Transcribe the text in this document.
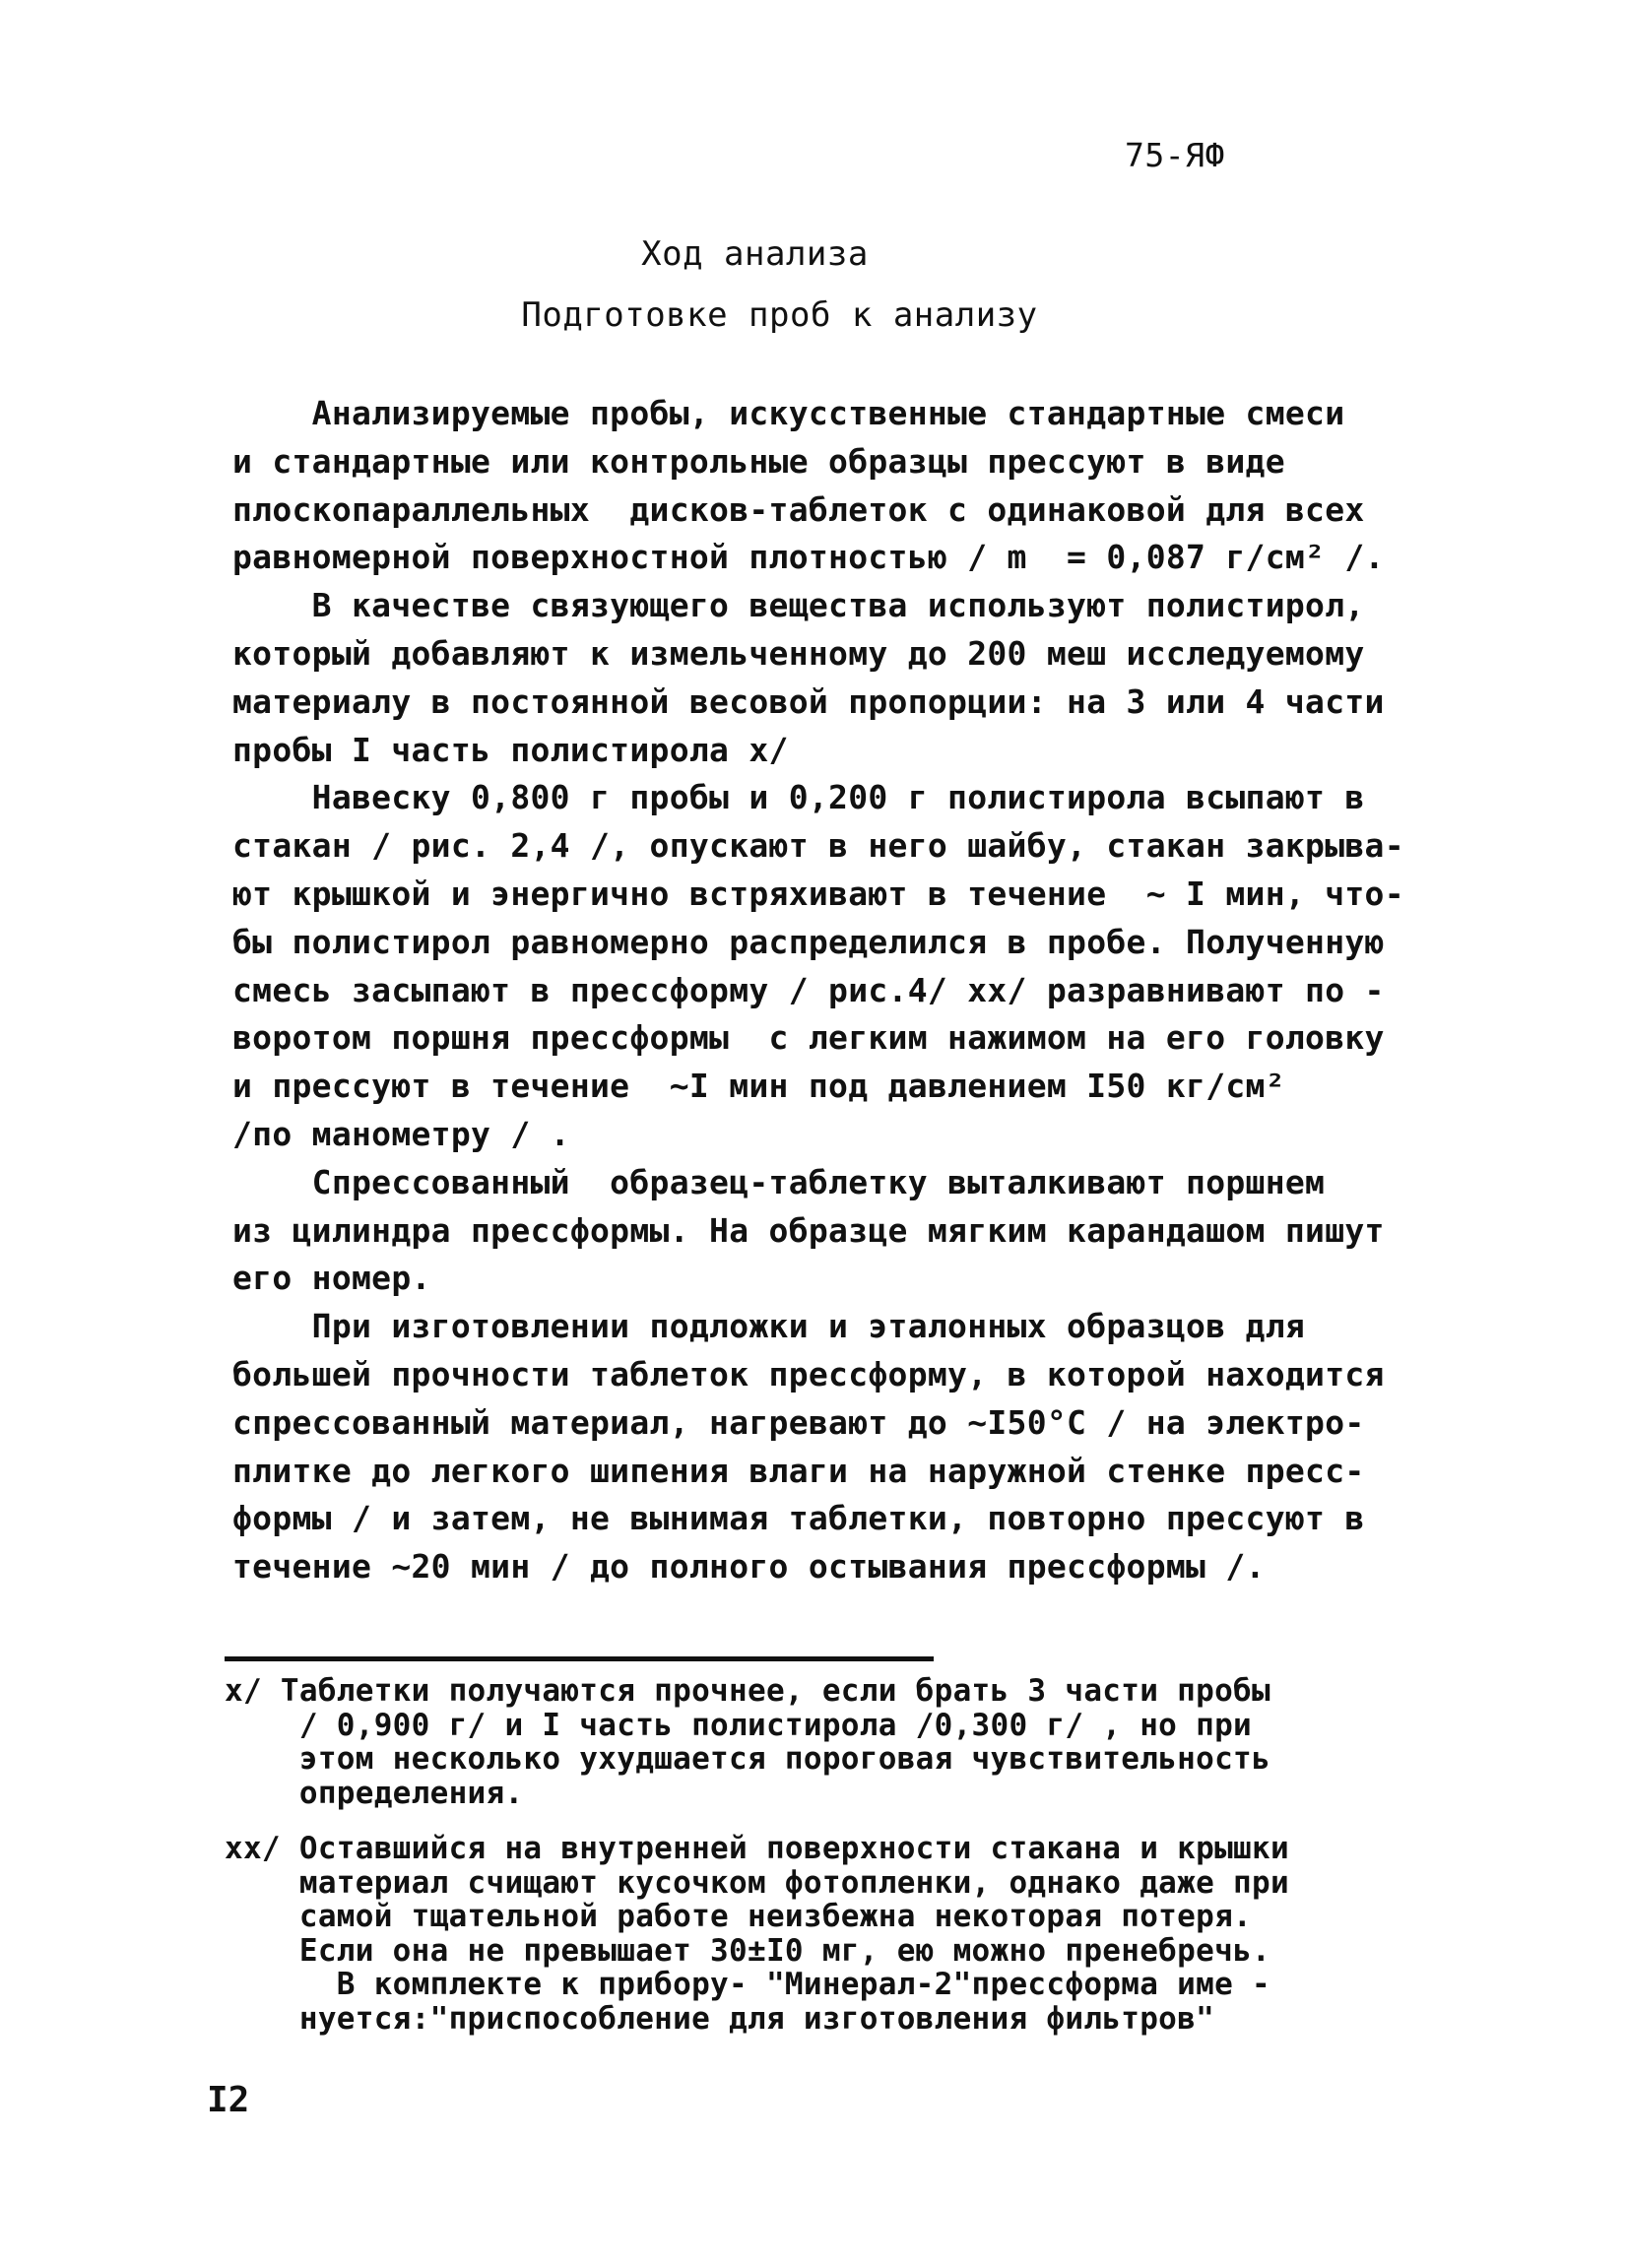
75-ЯФ
Ход анализа
Подготовке проб к анализу
Анализируемые пробы, искусственные стандартные смеси
и стандартные или контрольные образцы прессуют в виде
плоскопараллельных  дисков-таблеток с одинаковой для всех
равномерной поверхностной плотностью / m  = 0,087 г/см² /.
В качестве связующего вещества используют полистирол,
который добавляют к измельченному до 200 меш исследуемому
материалу в постоянной весовой пропорции: на 3 или 4 части
пробы I часть полистирола х/
Навеску 0,800 г пробы и 0,200 г полистирола всыпают в
стакан / рис. 2,4 /, опускают в него шайбу, стакан закрыва-
ют крышкой и энергично встряхивают в течение  ~ I мин, что-
бы полистирол равномерно распределился в пробе. Полученную
смесь засыпают в прессформу / рис.4/ хх/ разравнивают по -
воротом поршня прессформы  с легким нажимом на его головку
и прессуют в течение  ~I мин под давлением I50 кг/см²
/по манометру / .
Спрессованный  образец-таблетку выталкивают поршнем
из цилиндра прессформы. На образце мягким карандашом пишут
его номер.
При изготовлении подложки и эталонных образцов для
большей прочности таблеток прессформу, в которой находится
спрессованный материал, нагревают до ~I50°С / на электро-
плитке до легкого шипения влаги на наружной стенке пресс-
формы / и затем, не вынимая таблетки, повторно прессуют в
течение ~20 мин / до полного остывания прессформы /.
х/ Таблетки получаются прочнее, если брать 3 части пробы
/ 0,900 г/ и I часть полистирола /0,300 г/ , но при
этом несколько ухудшается пороговая чувствительность
определения.
хх/ Оставшийся на внутренней поверхности стакана и крышки
материал счищают кусочком фотопленки, однако даже при
самой тщательной работе неизбежна некоторая потеря.
Если она не превышает 30±I0 мг, ею можно пренебречь.
В комплекте к прибору- "Минерал-2"прессформа име -
нуется:"приспособление для изготовления фильтров"
I2
